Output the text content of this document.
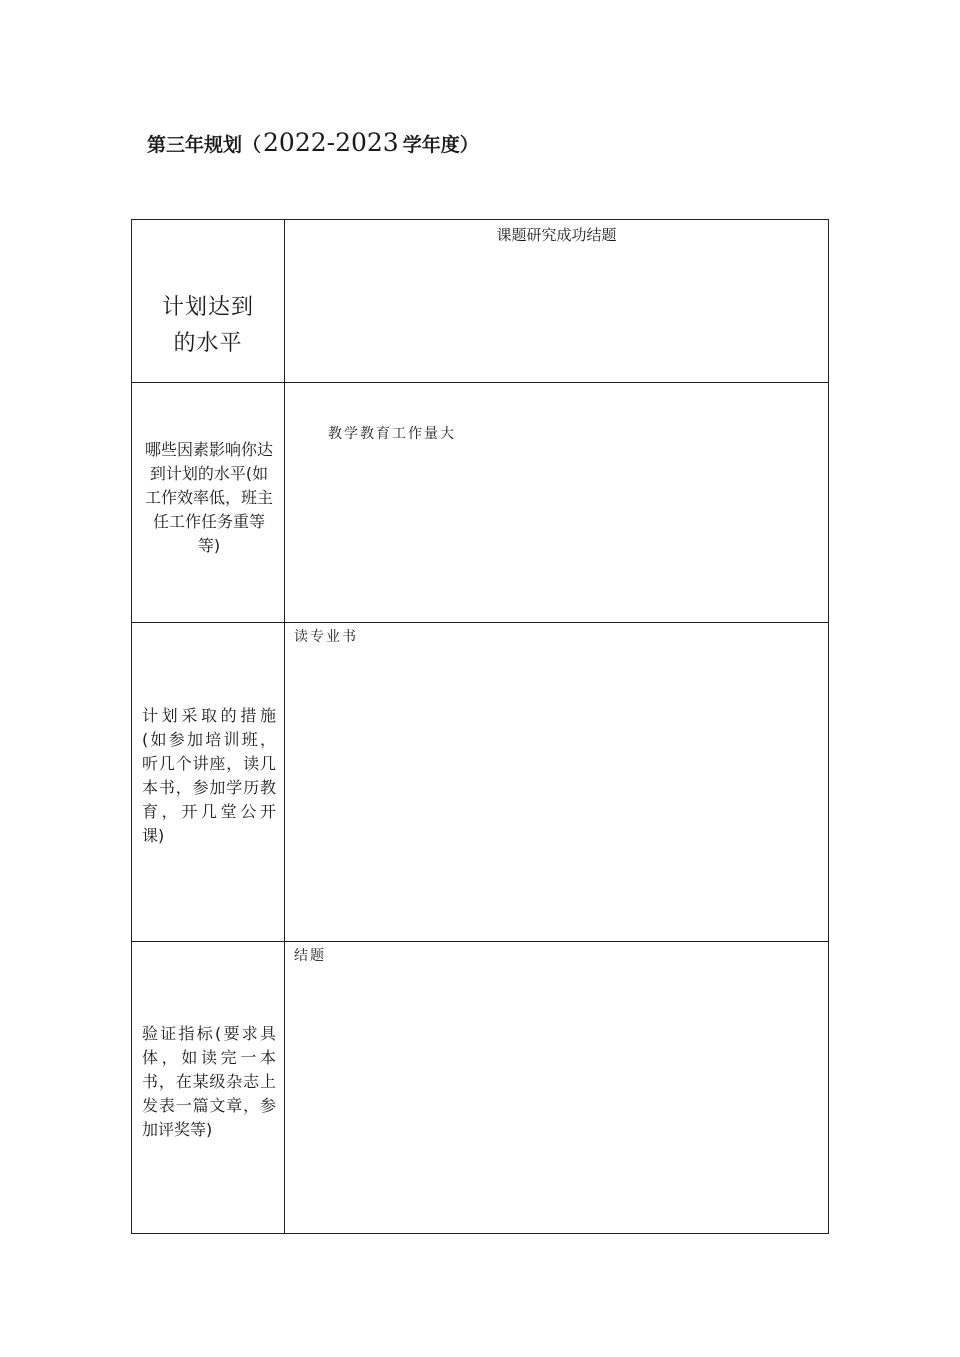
第三年规划（ 2022-2023 学年度）
计划达到的水平	课题研究成功结题

哪些因素影响你达到计划的水平(如工作效率低，班主任工作任务重等等)	教学教育工作量大

计划采取的措施(如参加培训班，听几个讲座，读几本书，参加学历教育，开几堂公开课)	读专业书

验证指标(要求具体，如读完一本书，在某级杂志上发表一篇文章，参加评奖等)	结题
